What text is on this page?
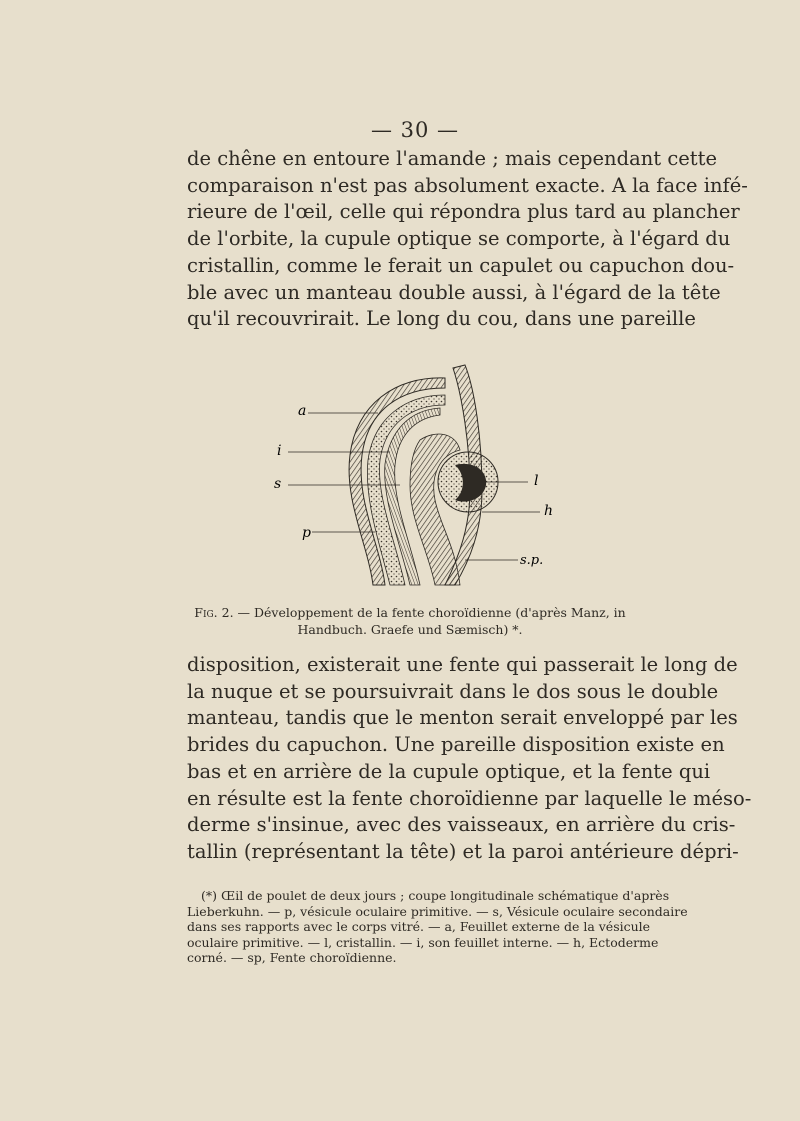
— 30 —

de chêne en entoure l'amande ; mais cependant cette
comparaison n'est pas absolument exacte. A la face infé-
rieure de l'œil, celle qui répondra plus tard au plancher
de l'orbite, la cupule optique se comporte, à l'égard du
cristallin, comme le ferait un capulet ou capuchon dou-
ble avec un manteau double aussi, à l'égard de la tête
qu'il recouvrirait. Le long du cou, dans une pareille

a
i
s
p
l
h
s.p.
Fig. 2. — Développement de la fente choroïdienne (d'après Manz, in
Handbuch. Graefe und Sæmisch) *.

disposition, existerait une fente qui passerait le long de
la nuque et se poursuivrait dans le dos sous le double
manteau, tandis que le menton serait enveloppé par les
brides du capuchon. Une pareille disposition existe en
bas et en arrière de la cupule optique, et la fente qui
en résulte est la fente choroïdienne par laquelle le méso-
derme s'insinue, avec des vaisseaux, en arrière du cris-
tallin (représentant la tête) et la paroi antérieure dépri-

(*) Œil de poulet de deux jours ; coupe longitudinale schématique d'après
Lieberkuhn. — p, vésicule oculaire primitive. — s, Vésicule oculaire secondaire
dans ses rapports avec le corps vitré. — a, Feuillet externe de la vésicule
oculaire primitive. — l, cristallin. — i, son feuillet interne. — h, Ectoderme
corné. — sp, Fente choroïdienne.
